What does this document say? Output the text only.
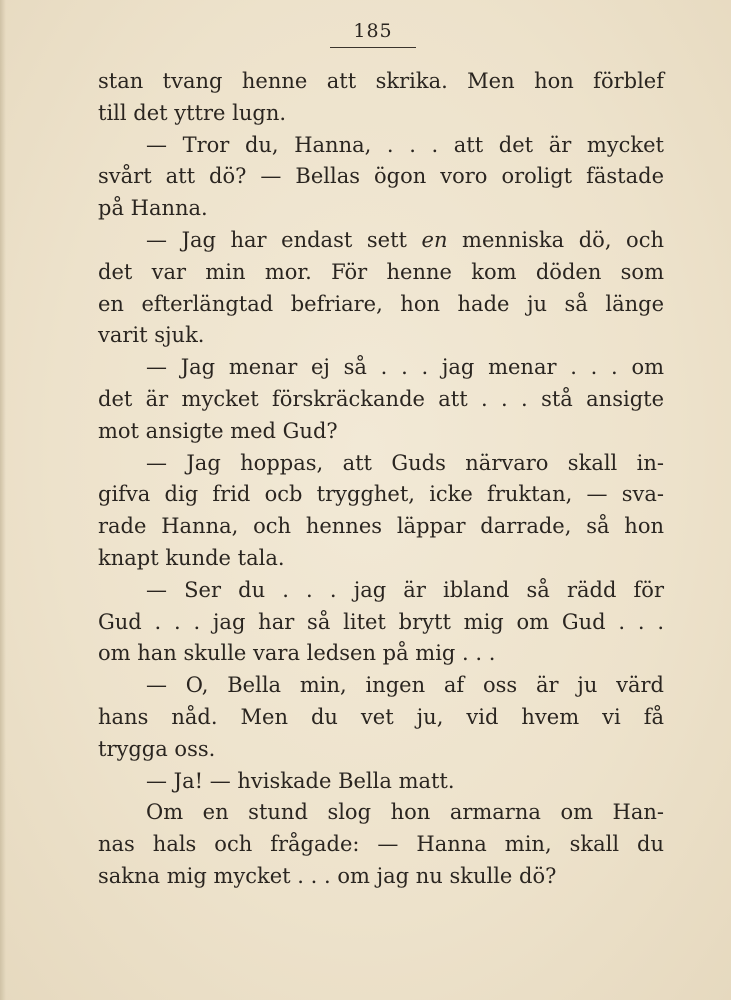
185
stan tvang henne att skrika. Men hon förblef
till det yttre lugn.
— Tror du, Hanna, . . . att det är mycket
svårt att dö? — Bellas ögon voro oroligt fästade
på Hanna.
— Jag har endast sett en menniska dö, och
det var min mor. För henne kom döden som
en efterlängtad befriare, hon hade ju så länge
varit sjuk.
— Jag menar ej så . . . jag menar . . . om
det är mycket förskräckande att . . . stå ansigte
mot ansigte med Gud?
— Jag hoppas, att Guds närvaro skall in-
gifva dig frid ocb trygghet, icke fruktan, — sva-
rade Hanna, och hennes läppar darrade, så hon
knapt kunde tala.
— Ser du . . . jag är ibland så rädd för
Gud . . . jag har så litet brytt mig om Gud . . .
om han skulle vara ledsen på mig . . .
— O, Bella min, ingen af oss är ju värd
hans nåd. Men du vet ju, vid hvem vi få
trygga oss.
— Ja! — hviskade Bella matt.
Om en stund slog hon armarna om Han-
nas hals och frågade: — Hanna min, skall du
sakna mig mycket . . . om jag nu skulle dö?
